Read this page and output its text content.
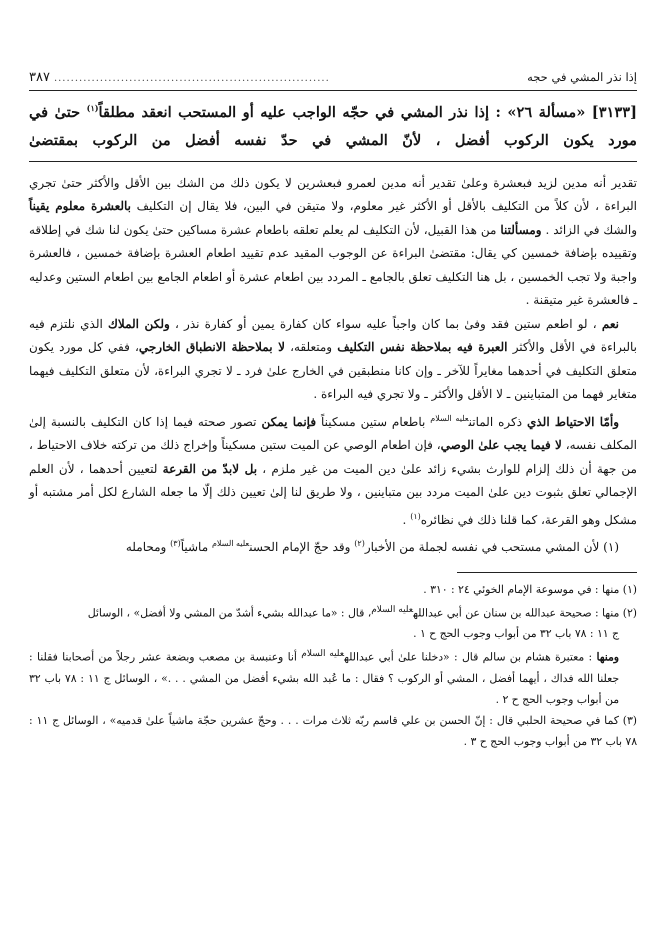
إذا نذر المشي في حجه
..................................................................
٣٨٧
[٣١٣٣] «مسألة ٢٦» : إذا نذر المشي في حجّه الواجب عليه أو المستحب انعقد مطلقاً$^{(١)}$ حتىٰ في مورد يكون الركوب أفضل ، لأنّ المشي في حدّ نفسه أفضل من الركوب بمقتضىٰ

تقدير أنه مدين لزيد فبعشرة وعلىٰ تقدير أنه مدين لعمرو فبعشرين لا يكون ذلك من الشك بين الأقل والأكثر حتىٰ تجري البراءة ، لأن كلاً من التكليف بالأقل أو الأكثر غير معلوم، ولا متيقن في البين، فلا يقال إن التكليف بالعشرة معلوم يقيناً والشك في الزائد . ومسألتنا من هذا القبيل، لأن التكليف لم يعلم تعلقه باطعام عشرة مساكين حتىٰ يكون لنا شك في إطلاقه وتقييده بإضافة خمسين كي يقال: مقتضىٰ البراءة عن الوجوب المقيد عدم تقييد اطعام العشرة بإضافة خمسين ، فالعشرة واجبة ولا تجب الخمسين ، بل هنا التكليف تعلق بالجامع ـ المردد بين اطعام عشرة أو اطعام الجامع بين اطعام الستين وعدليه ـ فالعشرة غير متيقنة .

نعم ، لو اطعم ستين فقد وفىٰ بما كان واجباً عليه سواء كان كفارة يمين أو كفارة نذر ، ولكن الملاك الذي نلتزم فيه بالبراءة في الأقل والأكثر العبرة فيه بملاحظة نفس التكليف ومتعلقه، لا بملاحظة الانطباق الخارجي، ففي كل مورد يكون متعلق التكليف في أحدهما مغايراً للآخر ـ وإن كانا منطبقين في الخارج علىٰ فرد ـ لا تجري البراءة، لأن متعلق التكليف فيهما متغاير فهما من المتباينين ـ لا الأقل والأكثر ـ ولا تجري فيه البراءة .

وأمّا الاحتياط الذي ذكره الماتن$^{عليه السلام}$ باطعام ستين مسكيناً فإنما يمكن تصور صحته فيما إذا كان التكليف بالنسبة إلىٰ المكلف نفسه، لا فيما يجب علىٰ الوصي، فإن اطعام الوصي عن الميت ستين مسكيناً وإخراج ذلك من تركته خلاف الاحتياط ، من جهة أن ذلك إلزام للوارث بشيء زائد علىٰ دين الميت من غير ملزم ، بل لابدّ من القرعة لتعيين أحدهما ، لأن العلم الإجمالي تعلق بثبوت دين علىٰ الميت مردد بين متباينين ، ولا طريق لنا إلىٰ تعيين ذلك إلّا ما جعله الشارع لكل أمر مشتبه أو مشكل وهو القرعة، كما قلنا ذلك في نظائره$^{(١)}$ .

(١) لأن المشي مستحب في نفسه لجملة من الأخبار$^{(٢)}$ وقد حجّ الإمام الحسن$^{عليه السلام}$ ماشياً$^{(٣)}$ ومحامله

(١) منها : في موسوعة الإمام الخوئي ٢٤ : ٣١٠ .

(٢) منها : صحيحة عبدالله بن سنان عن أبي عبدالله$^{عليه السلام}$، قال : «ما عبدالله بشيء أشدّ من المشي ولا أفضل» ، الوسائل

ج ١١ : ٧٨ باب ٣٢ من أبواب وجوب الحج ح ١ .

ومنها : معتبرة هشام بن سالم قال : «دخلنا علىٰ أبي عبدالله$^{عليه السلام}$ أنا وعنبسة بن مصعب وبضعة عشر رجلاً من أصحابنا فقلنا : جعلنا الله فداك ، أيهما أفضل ، المشي أو الركوب ؟ فقال : ما عُبد الله بشيء أفضل من المشي . . .» ، الوسائل ج ١١ : ٧٨ باب ٣٢ من أبواب وجوب الحج ح ٢ .

(٣) كما في صحيحة الحلبي قال : إنّ الحسن بن علي قاسم ربّه ثلاث مرات . . . وحجّ عشرين حجّة ماشياً علىٰ قدميه» ، الوسائل ج ١١ : ٧٨ باب ٣٢ من أبواب وجوب الحج ح ٣ .
